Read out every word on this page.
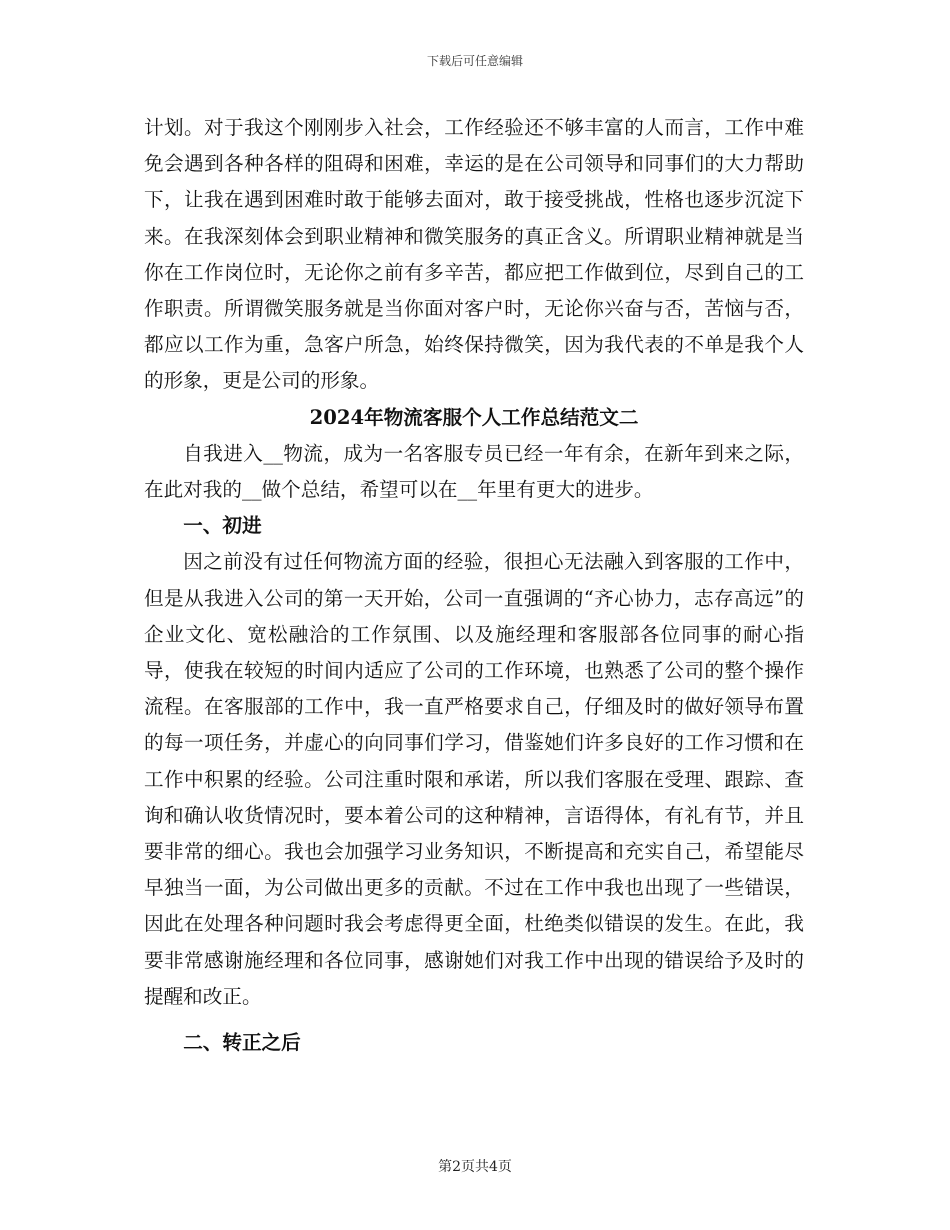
下载后可任意编辑

计划。对于我这个刚刚步入社会，工作经验还不够丰富的人而言，工作中难免会遇到各种各样的阻碍和困难，幸运的是在公司领导和同事们的大力帮助下，让我在遇到困难时敢于能够去面对，敢于接受挑战，性格也逐步沉淀下来。在我深刻体会到职业精神和微笑服务的真正含义。所谓职业精神就是当你在工作岗位时，无论你之前有多辛苦，都应把工作做到位，尽到自己的工作职责。所谓微笑服务就是当你面对客户时，无论你兴奋与否，苦恼与否，都应以工作为重，急客户所急，始终保持微笑，因为我代表的不单是我个人的形象，更是公司的形象。

2024年物流客服个人工作总结范文二

自我进入__物流，成为一名客服专员已经一年有余，在新年到来之际，在此对我的__做个总结，希望可以在__年里有更大的进步。

一、初进

因之前没有过任何物流方面的经验，很担心无法融入到客服的工作中，但是从我进入公司的第一天开始，公司一直强调的“齐心协力，志存高远”的企业文化、宽松融洽的工作氛围、以及施经理和客服部各位同事的耐心指导，使我在较短的时间内适应了公司的工作环境，也熟悉了公司的整个操作流程。在客服部的工作中，我一直严格要求自己，仔细及时的做好领导布置的每一项任务，并虚心的向同事们学习，借鉴她们许多良好的工作习惯和在工作中积累的经验。公司注重时限和承诺，所以我们客服在受理、跟踪、查询和确认收货情况时，要本着公司的这种精神，言语得体，有礼有节，并且要非常的细心。我也会加强学习业务知识，不断提高和充实自己，希望能尽早独当一面，为公司做出更多的贡献。不过在工作中我也出现了一些错误，因此在处理各种问题时我会考虑得更全面，杜绝类似错误的发生。在此，我要非常感谢施经理和各位同事，感谢她们对我工作中出现的错误给予及时的提醒和改正。

二、转正之后

第2页共4页
